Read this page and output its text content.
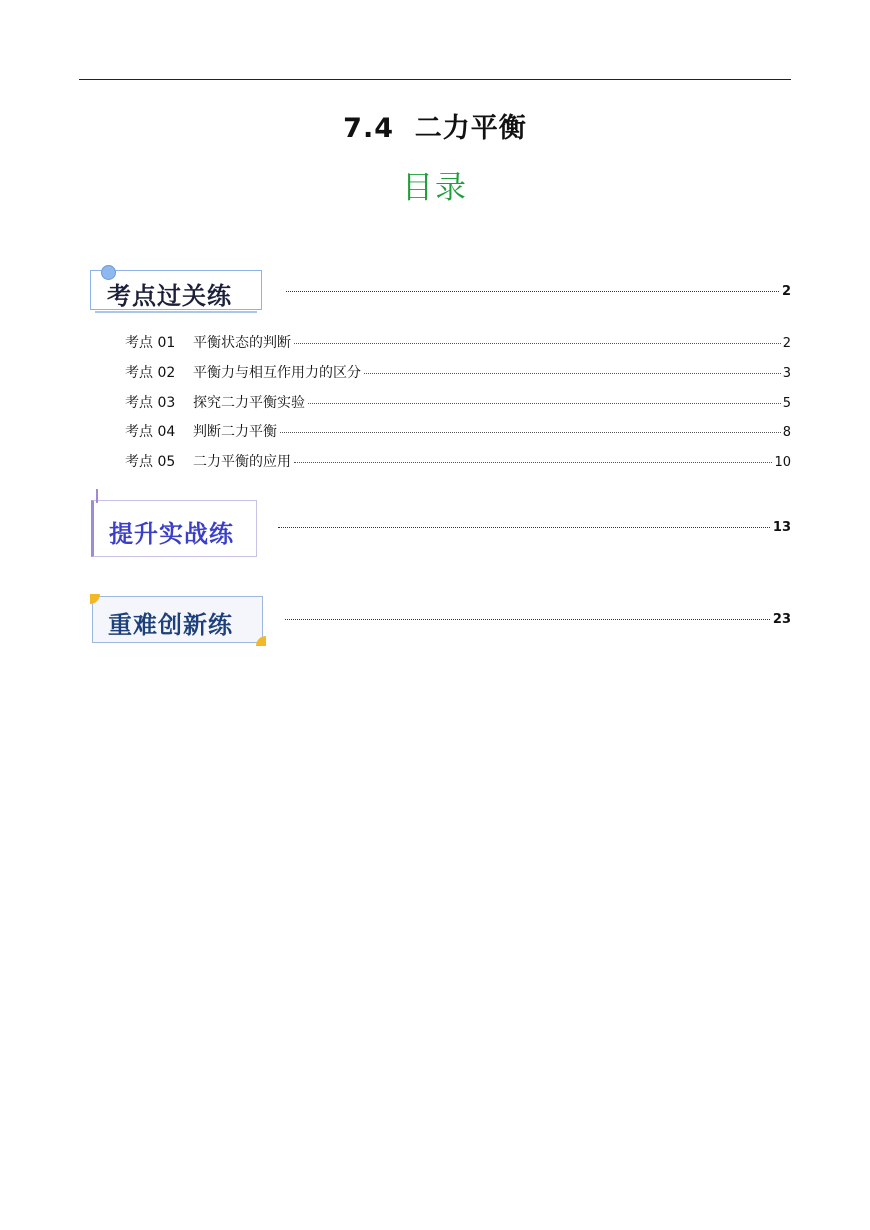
7.4  二力平衡
目录
考点过关练	2
考点 01	平衡状态的判断	2
考点 02	平衡力与相互作用力的区分	3
考点 03	探究二力平衡实验	5
考点 04	判断二力平衡	8
考点 05	二力平衡的应用	10
提升实战练	13
重难创新练	23
